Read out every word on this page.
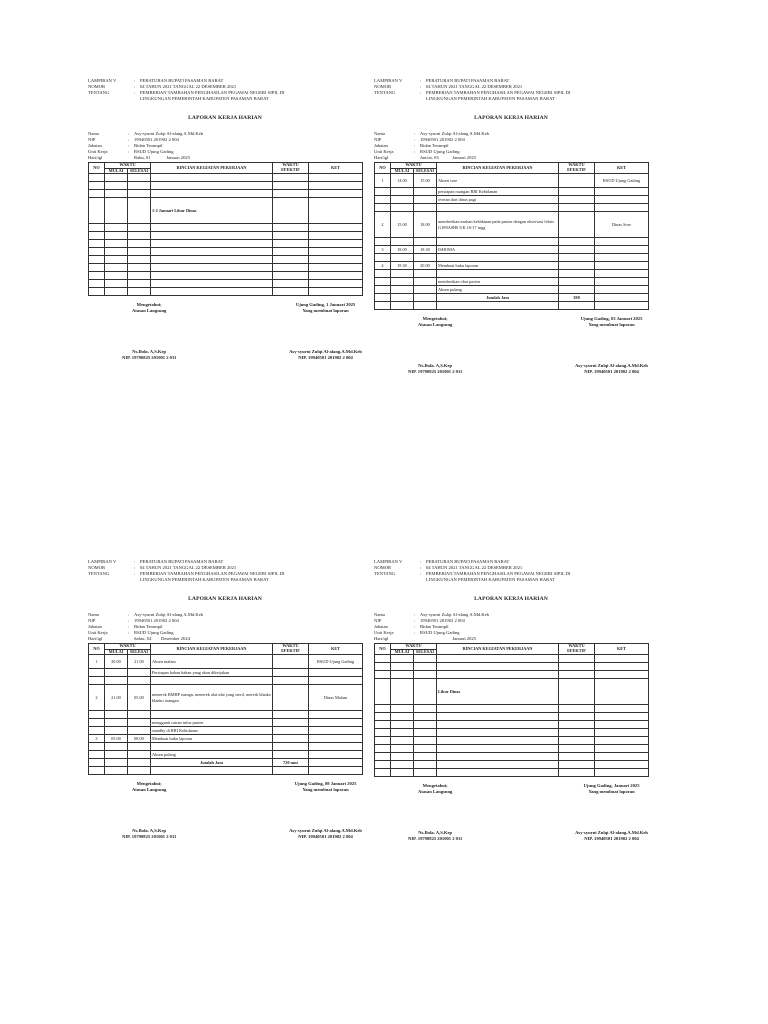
LAMPIRAN V	:	PERATURAN BUPATI PASAMAN BARAT
NOMOR	:	04 TAHUN 2021 TANGGAL 22 DESEMBER 2021
TENTANG	:	PEMBERIAN TAMBAHAN PENGHASILAN PEGAWAI NEGERI SIPIL DI
LINGKUNGAN PEMERINTAH KABUPATEN PASAMAN BARAT
LAPORAN KERJA HARIAN
Nama	:	Asy-syurni Zulqi Al-alang A.Md.Keb
NIP	:	19940501 201902 2 004
Jabatan	:	Bidan Terampil
Unit Kerja	:	RSUD Ujung Gading
Hari/tgl	Rabu, 01	Januari 2025
NO	WAKTU		RINCIAN KEGIATAN PEKERJAAN	WAKTU EFEKTIF	KET
	MULAI	SELESAI			

			1-2 Januari Libur Dinas		

Mengetahui;
Atasan Langsung
Ns.Ihda. A,S.Kep
NIP. 19790825 201001 2 011
Ujung Gading, 1 Januari 2025
Yang membuat laporan
Asy-syurni Zulqi Al-alang.A.Md.Keb
NIP. 19940501 201902 2 004
LAMPIRAN V	:	PERATURAN BUPATI PASAMAN BARAT
NOMOR	:	04 TAHUN 2021 TANGGAL 22 DESEMBER 2021
TENTANG	:	PEMBERIAN TAMBAHAN PENGHASILAN PEGAWAI NEGERI SIPIL DI
LINGKUNGAN PEMERINTAH KABUPATEN PASAMAN BARAT
LAPORAN KERJA HARIAN
Nama	:	Asy-syurni Zulqi Al-alang A.Md.Keb
NIP	:	19940501 201902 2 004
Jabatan	:	Bidan Terampil
Unit Kerja	:	RSUD Ujung Gading
Hari/tgl	Jum'at, 03	Januari 2025
NO	WAKTU		RINCIAN KEGIATAN PEKERJAAN	WAKTU EFEKTIF	KET
	MULAI	SELESAI			
1	14.00	15.00	Absen sore		RSUD Ujung Gading
			persiapan ruangan RRI Kebidanan		
			overan dari dinas pagi		

2	15.00	18.00	memberikan asuhan kebidanan pada pasien dengan observasi febris G1P0A0H0 UK 16-17 mgg		Dinas Sore

3	18.00	18.30	ISHOMA		

4	18.30	20.00	Membuat buku laporan		

			memberikan obat pasien		
			Absen pulang		
			Jumlah Jam	390	

Mengetahui;
Atasan Langsung
Ns.Ihda. A,S.Kep
NIP. 19790825 201001 2 011
Ujung Gading, 03 Januari 2025
Yang membuat laporan
Asy-syurni Zulqi Al-alang.A.Md.Keb
NIP. 19940501 201902 2 004
LAMPIRAN V	:	PERATURAN BUPATI PASAMAN BARAT
NOMOR	:	04 TAHUN 2021 TANGGAL 22 DESEMBER 2021
TENTANG	:	PEMBERIAN TAMBAHAN PENGHASILAN PEGAWAI NEGERI SIPIL DI
LINGKUNGAN PEMERINTAH KABUPATEN PASAMAN BARAT
LAPORAN KERJA HARIAN
Nama	:	Asy-syurni Zulqi Al-alang A.Md.Keb
NIP	:	19940501 201902 2 004
Jabatan	:	Bidan Terampil
Unit Kerja	:	RSUD Ujung Gading
Hari/tgl	Sabtu, 04 Desember 2024
NO	WAKTU		RINCIAN KEGIATAN PEKERJAAN	WAKTU EFEKTIF	KET
	MULAI	SELESAI			
1	20.00	21.00	Absen malam		RSUD Ujung Gading
			Persiapan bahan bahan yang akan dikerjakan		

2	21.00	05.00	menerek BMHP ruangn, menerek alat-alat yang steril, mererk blanko blanko ruangan		Dinas Malam

			mengganti cairan infus pasien		
			standby di RRI Kebidanan		
3	05.00	08.00	Membuat buku laporan		

			Absen pulang		
			Jumlah Jam	720 mnt	

Mengetahui;
Atasan Langsung
Ns.Ihda. A,S.Kep
NIP. 19790825 201001 2 011
Ujung Gading, 08 Januari 2025
Yang membuat laporan
Asy-syurni Zulqi Al-alang.A.Md.Keb
NIP. 19940501 201902 2 004
LAMPIRAN V	:	PERATURAN BUPATI PASAMAN BARAT
NOMOR	:	04 TAHUN 2021 TANGGAL 22 DESEMBER 2021
TENTANG	:	PEMBERIAN TAMBAHAN PENGHASILAN PEGAWAI NEGERI SIPIL DI
LINGKUNGAN PEMERINTAH KABUPATEN PASAMAN BARAT
LAPORAN KERJA HARIAN
Nama	:	Asy-syurni Zulqi Al-alang A.Md.Keb
NIP	:	19940501 201902 2 004
Jabatan	:	Bidan Terampil
Unit Kerja	:	RSUD Ujung Gading
Hari/tgl	Januari 2025
NO	WAKTU		RINCIAN KEGIATAN PEKERJAAN	WAKTU EFEKTIF	KET
	MULAI	SELESAI			

			Libur Dinas		

Mengetahui;
Atasan Langsung
Ns.Ihda. A,S.Kep
NIP. 19790825 201001 2 011
Ujung Gading, Januari 2025
Yang membuat laporan
Asy-syurni Zulqi Al-alang.A.Md.Keb
NIP. 19940501 201902 2 004
